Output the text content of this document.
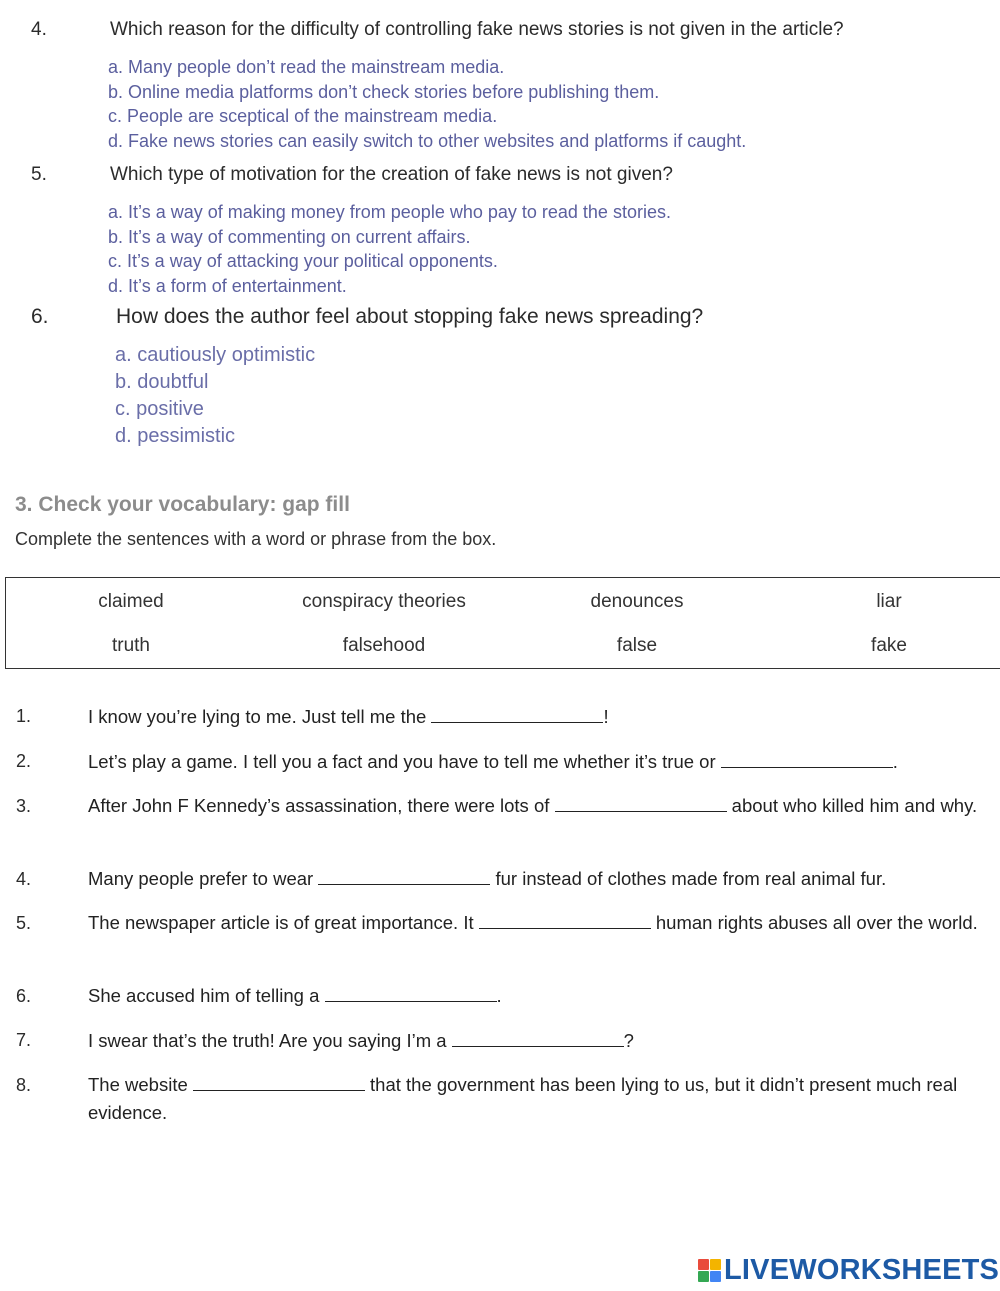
4.	Which reason for the difficulty of controlling fake news stories is not given in the article?
a. Many people don’t read the mainstream media.
b. Online media platforms don’t check stories before publishing them.
c. People are sceptical of the mainstream media.
d. Fake news stories can easily switch to other websites and platforms if caught.
5.	Which type of motivation for the creation of fake news is not given?
a. It’s a way of making money from people who pay to read the stories.
b. It’s a way of commenting on current affairs.
c. It’s a way of attacking your political opponents.
d. It’s a form of entertainment.
6.	How does the author feel about stopping fake news spreading?
a. cautiously optimistic
b. doubtful
c. positive
d. pessimistic
3. Check your vocabulary: gap fill
Complete the sentences with a word or phrase from the box.
claimed	conspiracy theories	denounces	liar
truth	falsehood	false	fake
1.	I know you’re lying to me. Just tell me the	!
2.	Let’s play a game. I tell you a fact and you have to tell me whether it’s true or	.
3.	After John F Kennedy’s assassination, there were lots of	about who killed him and why.
4.	Many people prefer to wear	fur instead of clothes made from real animal fur.
5.	The newspaper article is of great importance. It	human rights abuses all over the world.
6.	She accused him of telling a	.
7.	I swear that’s the truth! Are you saying I’m a	?
8.	The website	that the government has been lying to us, but it didn’t present much real evidence.
LIVEWORKSHEETS
